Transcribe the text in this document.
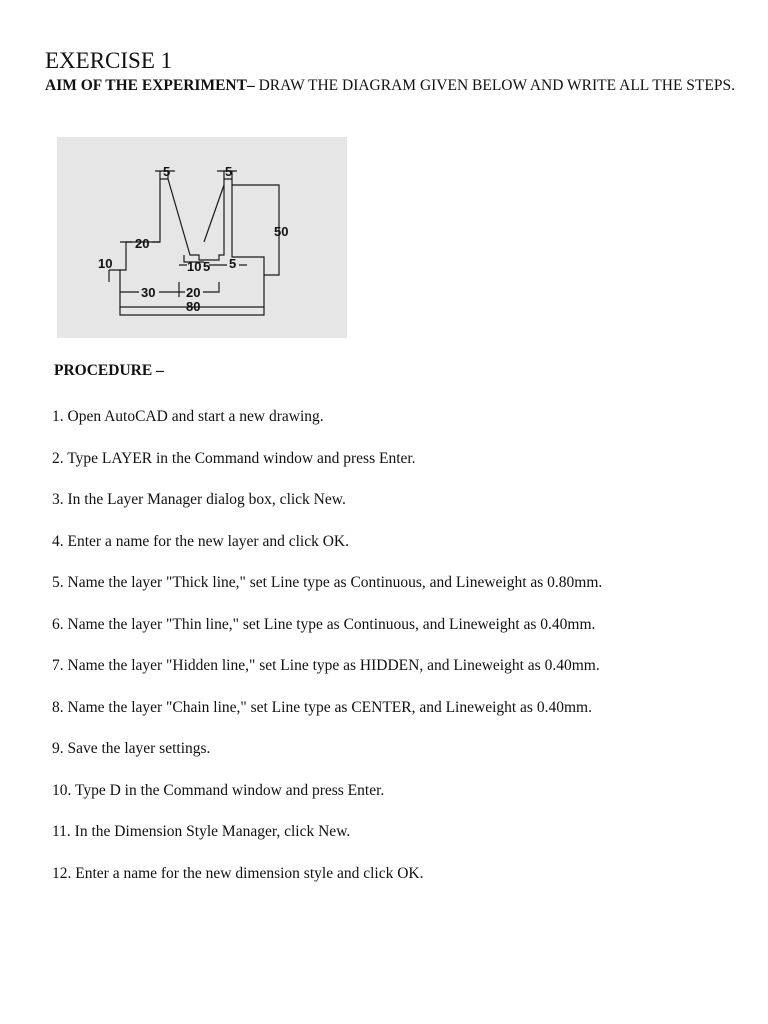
EXERCISE 1
AIM OF THE EXPERIMENT– DRAW THE DIAGRAM GIVEN BELOW AND WRITE ALL THE STEPS.
5	5
50
20
10	10 5 5
30 20
80
PROCEDURE –
1. Open AutoCAD and start a new drawing.
2. Type LAYER in the Command window and press Enter.
3. In the Layer Manager dialog box, click New.
4. Enter a name for the new layer and click OK.
5. Name the layer "Thick line," set Line type as Continuous, and Lineweight as 0.80mm.
6. Name the layer "Thin line," set Line type as Continuous, and Lineweight as 0.40mm.
7. Name the layer "Hidden line," set Line type as HIDDEN, and Lineweight as 0.40mm.
8. Name the layer "Chain line," set Line type as CENTER, and Lineweight as 0.40mm.
9. Save the layer settings.
10. Type D in the Command window and press Enter.
11. In the Dimension Style Manager, click New.
12. Enter a name for the new dimension style and click OK.
